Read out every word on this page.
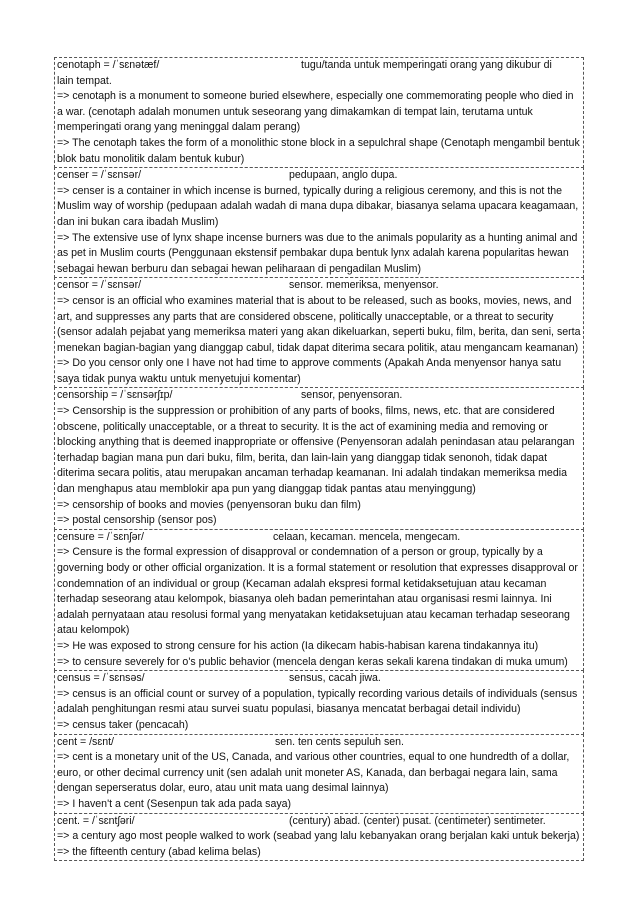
cenotaph = /ˈsɛnətæf/	tugu/tanda untuk memperingati orang yang dikubur di
lain tempat.
=> cenotaph is a monument to someone buried elsewhere, especially one commemorating people who died in a war. (cenotaph adalah monumen untuk seseorang yang dimakamkan di tempat lain, terutama untuk memperingati orang yang meninggal dalam perang)
=> The cenotaph takes the form of a monolithic stone block in a sepulchral shape (Cenotaph mengambil bentuk blok batu monolitik dalam bentuk kubur)
censer = /ˈsɛnsər/	pedupaan, anglo dupa.
=> censer is a container in which incense is burned, typically during a religious ceremony, and this is not the Muslim way of worship (pedupaan adalah wadah di mana dupa dibakar, biasanya selama upacara keagamaan, dan ini bukan cara ibadah Muslim)
=> The extensive use of lynx shape incense burners was due to the animals popularity as a hunting animal and as pet in Muslim courts (Penggunaan ekstensif pembakar dupa bentuk lynx adalah karena popularitas hewan sebagai hewan berburu dan sebagai hewan peliharaan di pengadilan Muslim)
censor = /ˈsɛnsər/	sensor. memeriksa, menyensor.
=> censor is an official who examines material that is about to be released, such as books, movies, news, and art, and suppresses any parts that are considered obscene, politically unacceptable, or a threat to security (sensor adalah pejabat yang memeriksa materi yang akan dikeluarkan, seperti buku, film, berita, dan seni, serta menekan bagian-bagian yang dianggap cabul, tidak dapat diterima secara politik, atau mengancam keamanan)
=> Do you censor only one I have not had time to approve comments (Apakah Anda menyensor hanya satu saya tidak punya waktu untuk menyetujui komentar)
censorship = /ˈsɛnsərʃɪp/	sensor, penyensoran.
=> Censorship is the suppression or prohibition of any parts of books, films, news, etc. that are considered obscene, politically unacceptable, or a threat to security. It is the act of examining media and removing or blocking anything that is deemed inappropriate or offensive (Penyensoran adalah penindasan atau pelarangan terhadap bagian mana pun dari buku, film, berita, dan lain-lain yang dianggap tidak senonoh, tidak dapat diterima secara politis, atau merupakan ancaman terhadap keamanan. Ini adalah tindakan memeriksa media dan menghapus atau memblokir apa pun yang dianggap tidak pantas atau menyinggung)
=> censorship of books and movies (penyensoran buku dan film)
=> postal censorship (sensor pos)
censure = /ˈsɛnʃər/	celaan, kecaman. mencela, mengecam.
=> Censure is the formal expression of disapproval or condemnation of a person or group, typically by a governing body or other official organization. It is a formal statement or resolution that expresses disapproval or condemnation of an individual or group (Kecaman adalah ekspresi formal ketidaksetujuan atau kecaman terhadap seseorang atau kelompok, biasanya oleh badan pemerintahan atau organisasi resmi lainnya. Ini adalah pernyataan atau resolusi formal yang menyatakan ketidaksetujuan atau kecaman terhadap seseorang atau kelompok)
=> He was exposed to strong censure for his action (Ia dikecam habis-habisan karena tindakannya itu)
=> to censure severely for o's public behavior (mencela dengan keras sekali karena tindakan di muka umum)
census = /ˈsɛnsəs/	sensus, cacah jiwa.
=> census is an official count or survey of a population, typically recording various details of individuals (sensus adalah penghitungan resmi atau survei suatu populasi, biasanya mencatat berbagai detail individu)
=> census taker (pencacah)
cent = /sɛnt/	sen. ten cents sepuluh sen.
=> cent is a monetary unit of the US, Canada, and various other countries, equal to one hundredth of a dollar, euro, or other decimal currency unit (sen adalah unit moneter AS, Kanada, dan berbagai negara lain, sama dengan seperseratus dolar, euro, atau unit mata uang desimal lainnya)
=> I haven't a cent (Sesenpun tak ada pada saya)
cent. = /ˈsɛntʃəri/	(century) abad. (center) pusat. (centimeter) sentimeter.
=> a century ago most people walked to work (seabad yang lalu kebanyakan orang berjalan kaki untuk bekerja)
=> the fifteenth century (abad kelima belas)
